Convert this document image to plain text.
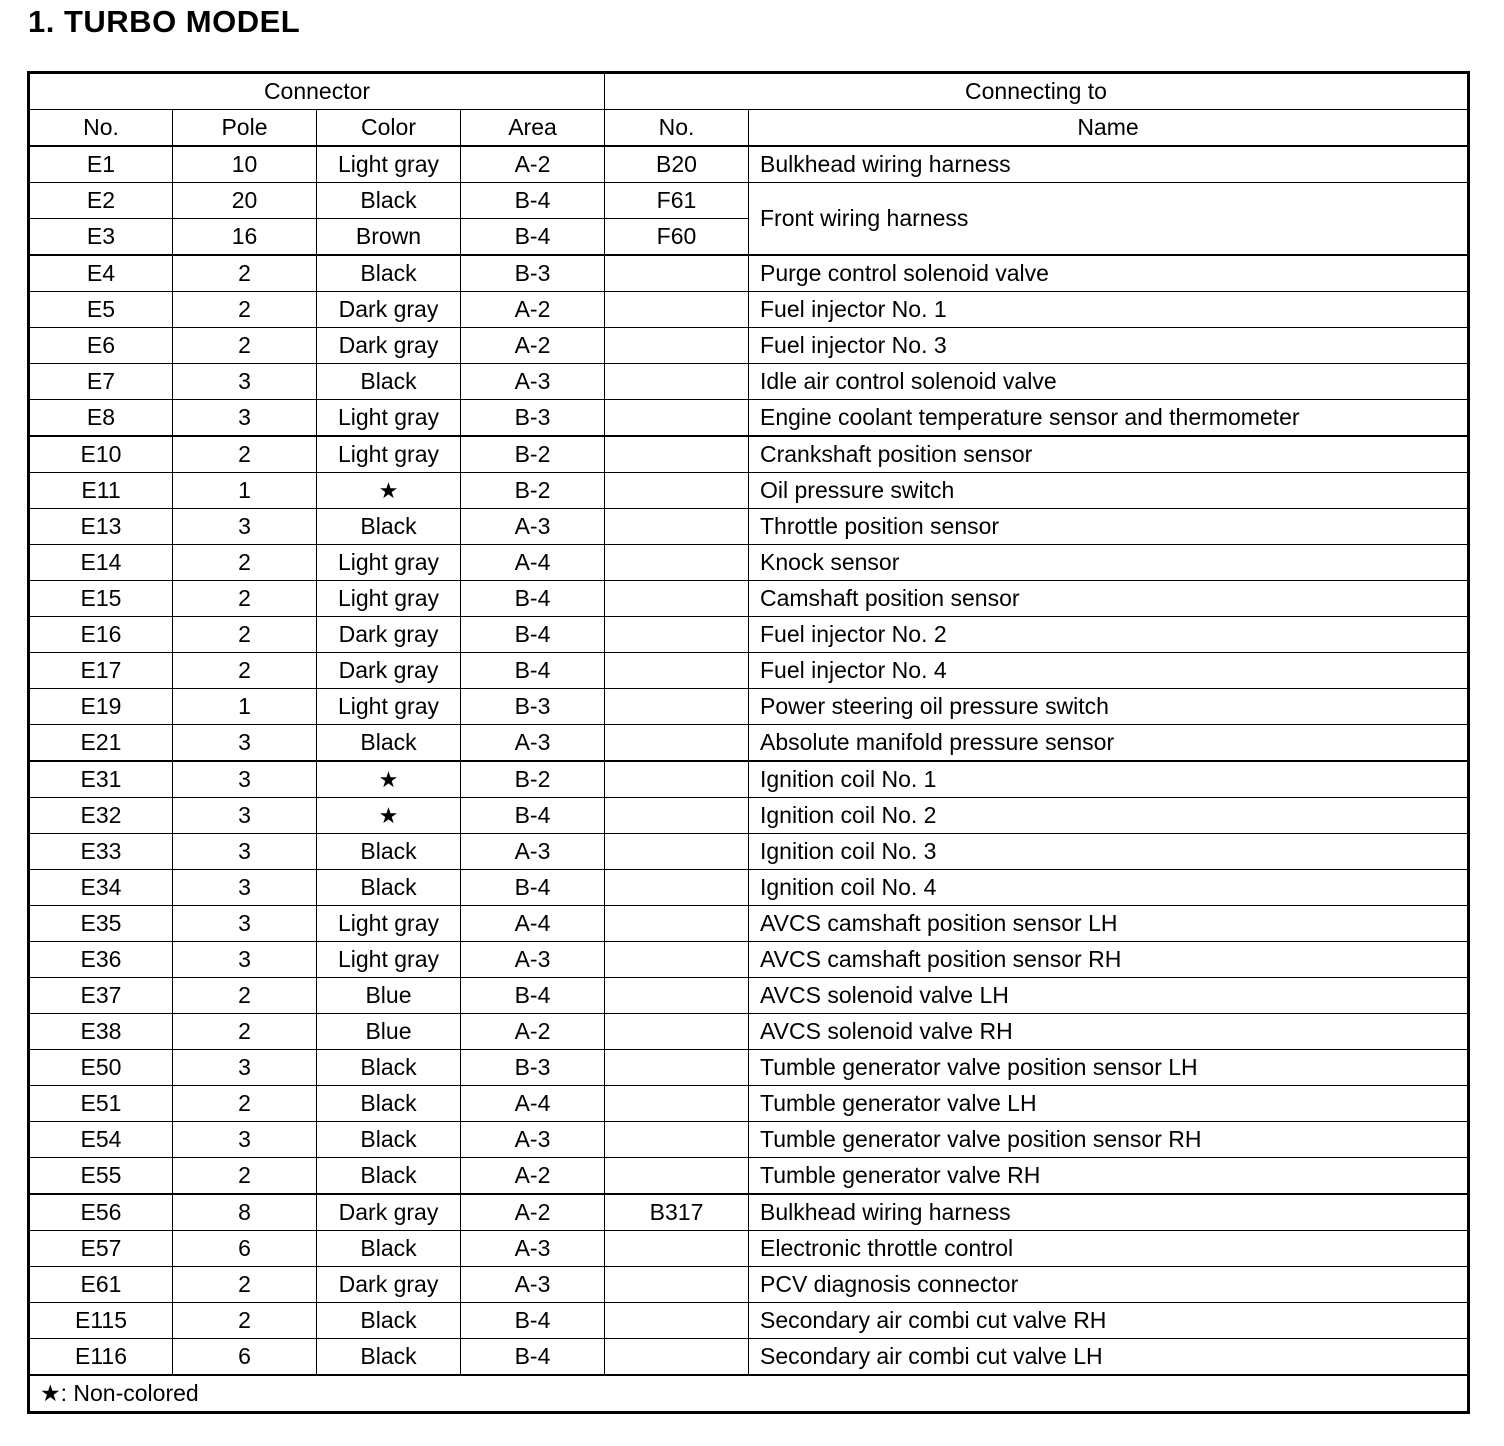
1. TURBO MODEL
Connector				Connecting to	
No.	Pole	Color	Area	No.	Name
E1	10	Light gray	A-2	B20	Bulkhead wiring harness
E2	20	Black	B-4	F61	Front wiring harness
E3	16	Brown	B-4	F60	
E4	2	Black	B-3		Purge control solenoid valve
E5	2	Dark gray	A-2		Fuel injector No. 1
E6	2	Dark gray	A-2		Fuel injector No. 3
E7	3	Black	A-3		Idle air control solenoid valve
E8	3	Light gray	B-3		Engine coolant temperature sensor and thermometer
E10	2	Light gray	B-2		Crankshaft position sensor
E11	1	★	B-2		Oil pressure switch
E13	3	Black	A-3		Throttle position sensor
E14	2	Light gray	A-4		Knock sensor
E15	2	Light gray	B-4		Camshaft position sensor
E16	2	Dark gray	B-4		Fuel injector No. 2
E17	2	Dark gray	B-4		Fuel injector No. 4
E19	1	Light gray	B-3		Power steering oil pressure switch
E21	3	Black	A-3		Absolute manifold pressure sensor
E31	3	★	B-2		Ignition coil No. 1
E32	3	★	B-4		Ignition coil No. 2
E33	3	Black	A-3		Ignition coil No. 3
E34	3	Black	B-4		Ignition coil No. 4
E35	3	Light gray	A-4		AVCS camshaft position sensor LH
E36	3	Light gray	A-3		AVCS camshaft position sensor RH
E37	2	Blue	B-4		AVCS solenoid valve LH
E38	2	Blue	A-2		AVCS solenoid valve RH
E50	3	Black	B-3		Tumble generator valve position sensor LH
E51	2	Black	A-4		Tumble generator valve LH
E54	3	Black	A-3		Tumble generator valve position sensor RH
E55	2	Black	A-2		Tumble generator valve RH
E56	8	Dark gray	A-2	B317	Bulkhead wiring harness
E57	6	Black	A-3		Electronic throttle control
E61	2	Dark gray	A-3		PCV diagnosis connector
E115	2	Black	B-4		Secondary air combi cut valve RH
E116	6	Black	B-4		Secondary air combi cut valve LH
★: Non-colored					
